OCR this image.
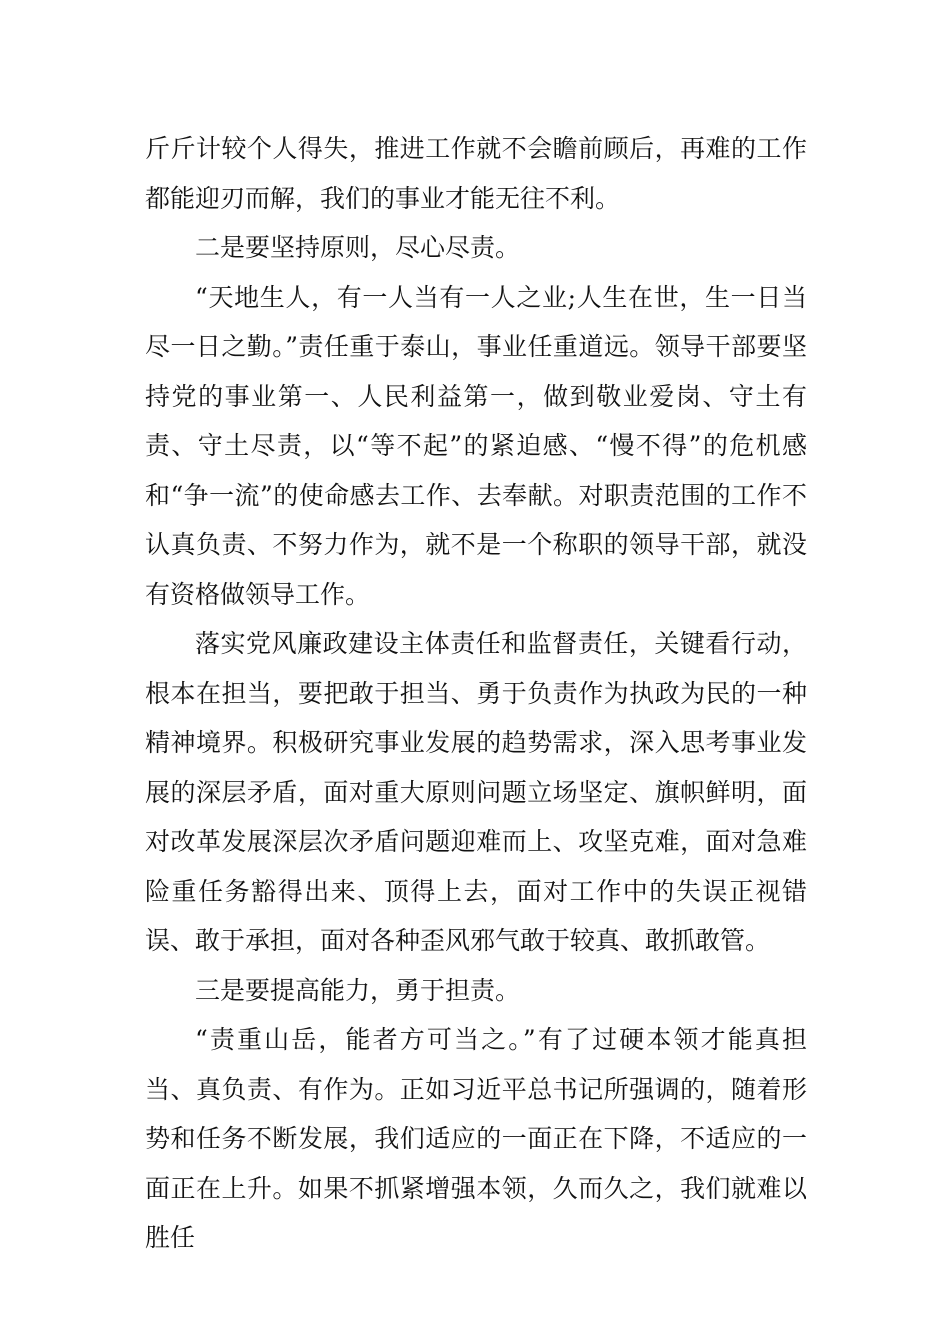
斤斤计较个人得失，推进工作就不会瞻前顾后，再难的工作都能迎刃而解，我们的事业才能无往不利。

二是要坚持原则，尽心尽责。

“天地生人，有一人当有一人之业;人生在世，生一日当尽一日之勤。”责任重于泰山，事业任重道远。领导干部要坚持党的事业第一、人民利益第一，做到敬业爱岗、守土有责、守土尽责，以“等不起”的紧迫感、“慢不得”的危机感和“争一流”的使命感去工作、去奉献。对职责范围的工作不认真负责、不努力作为，就不是一个称职的领导干部，就没有资格做领导工作。

落实党风廉政建设主体责任和监督责任，关键看行动，根本在担当，要把敢于担当、勇于负责作为执政为民的一种精神境界。积极研究事业发展的趋势需求，深入思考事业发展的深层矛盾，面对重大原则问题立场坚定、旗帜鲜明，面对改革发展深层次矛盾问题迎难而上、攻坚克难，面对急难险重任务豁得出来、顶得上去，面对工作中的失误正视错误、敢于承担，面对各种歪风邪气敢于较真、敢抓敢管。

三是要提高能力，勇于担责。

“责重山岳，能者方可当之。”有了过硬本领才能真担当、真负责、有作为。正如习近平总书记所强调的，随着形势和任务不断发展，我们适应的一面正在下降，不适应的一面正在上升。如果不抓紧增强本领，久而久之，我们就难以胜任
